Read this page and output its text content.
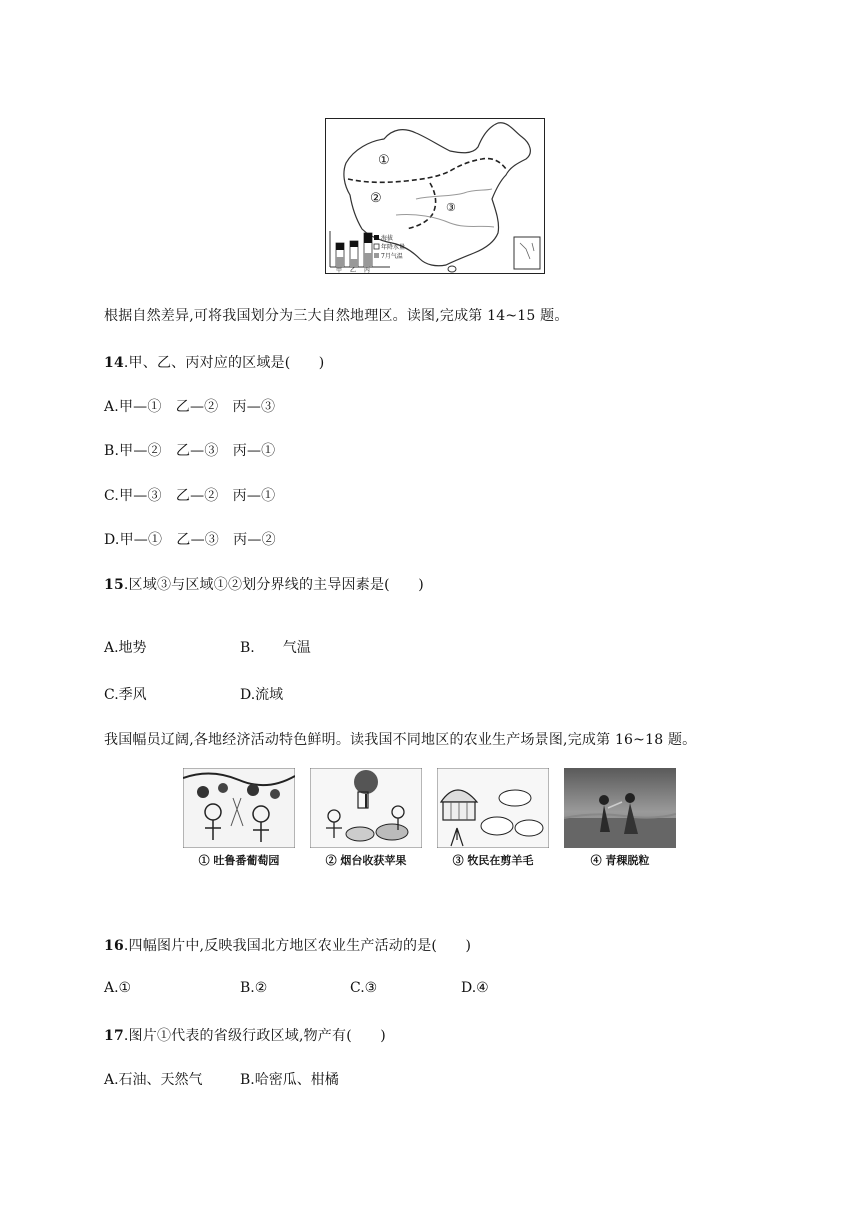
①
②
③
海拔
年降水量
7月气温
甲 乙 丙
根据自然差异,可将我国划分为三大自然地理区。读图,完成第 14~15 题。
14.甲、乙、丙对应的区域是(　　)
A.甲—①　乙—②　丙—③
B.甲—②　乙—③　丙—①
C.甲—③　乙—②　丙—①
D.甲—①　乙—③　丙—②
15.区域③与区域①②划分界线的主导因素是(　　)
A.地势	B.　　气温
C.季风	D.流域
我国幅员辽阔,各地经济活动特色鲜明。读我国不同地区的农业生产场景图,完成第 16~18 题。
① 吐鲁番葡萄园	② 烟台收获苹果	③ 牧民在剪羊毛	④ 青稞脱粒
16.四幅图片中,反映我国北方地区农业生产活动的是(　　)
A.①	B.②	C.③	D.④
17.图片①代表的省级行政区域,物产有(　　)
A.石油、天然气	B.哈密瓜、柑橘
